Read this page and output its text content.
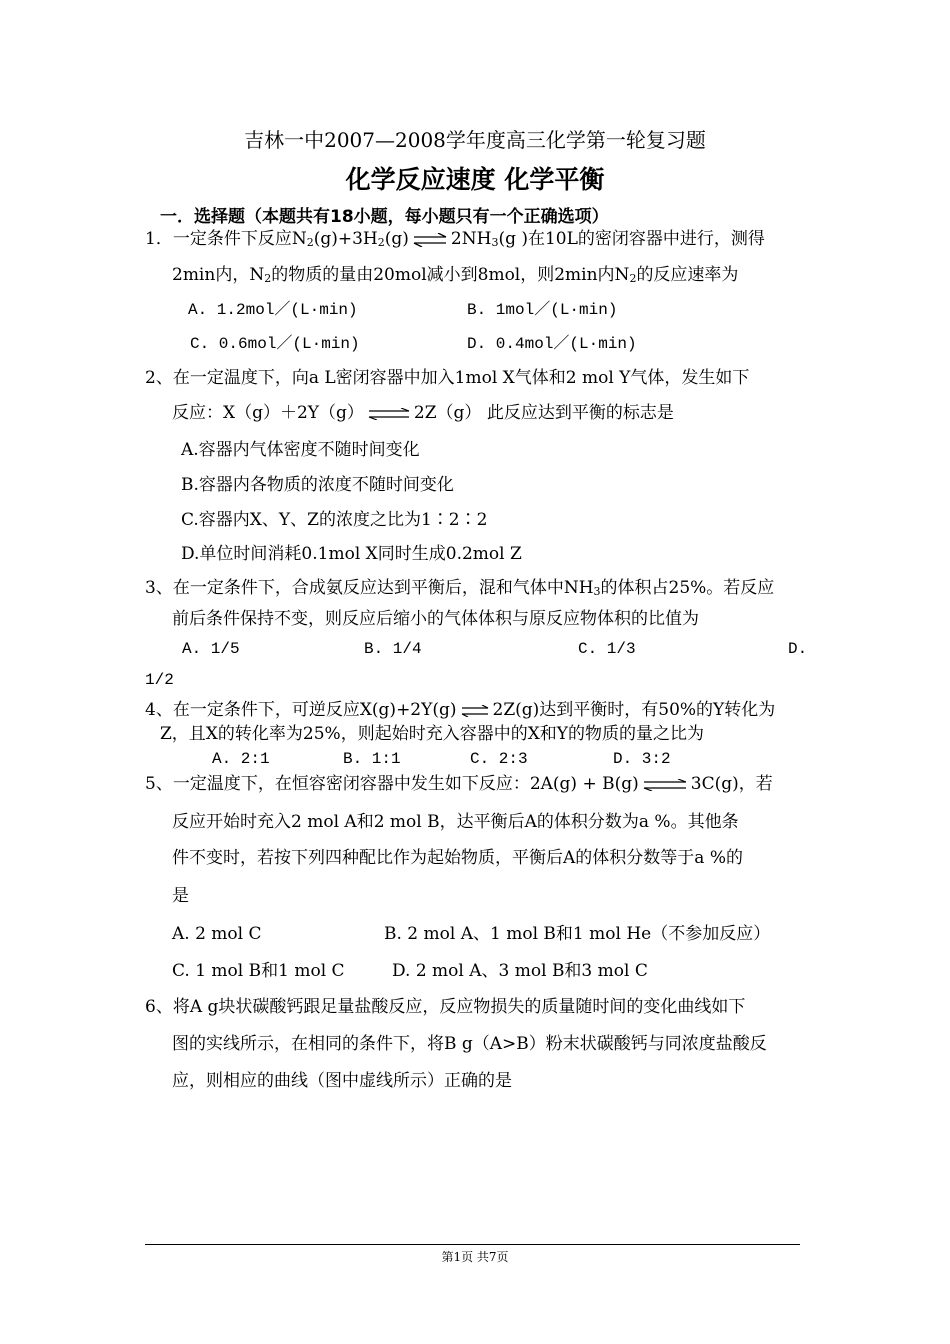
吉林一中2007—2008学年度高三化学第一轮复习题
化学反应速度 化学平衡
一．选择题（本题共有18小题，每小题只有一个正确选项）
1．一定条件下反应$N_2(g)+3H_2(g)$ ⇌ $2NH_3(g$ )在10L的密闭容器中进行，测得
2min内，$N_2$的物质的量由20mol减小到8mol，则2min内$N_2$的反应速率为
A. 1.2mol／(L·min)	B. 1mol／(L·min)
C. 0.6mol／(L·min)	D. 0.4mol／(L·min)
2、在一定温度下，向a L密闭容器中加入1mol X气体和2 mol Y气体，发生如下
反应：X（g）＋2Y（g） ⇌ 2Z（g） 此反应达到平衡的标志是
A.容器内气体密度不随时间变化
B.容器内各物质的浓度不随时间变化
C.容器内X、Y、Z的浓度之比为1∶2∶2
D.单位时间消耗0.1mol X同时生成0.2mol Z
3、在一定条件下，合成氨反应达到平衡后，混和气体中$NH_3$的体积占25%。若反应
前后条件保持不变，则反应后缩小的气体体积与原反应物体积的比值为
A. 1/5	B. 1/4	C. 1/3	D.
1/2
4、在一定条件下，可逆反应X(g)+2Y(g) ⇌ 2Z(g)达到平衡时，有50%的Y转化为
Z，且X的转化率为25%，则起始时充入容器中的X和Y的物质的量之比为
A. 2:1	B. 1:1	C. 2:3	D. 3:2
5、一定温度下，在恒容密闭容器中发生如下反应：2A(g) + B(g) ⇌ 3C(g)，若
反应开始时充入2 mol A和2 mol B，达平衡后A的体积分数为a %。其他条
件不变时，若按下列四种配比作为起始物质，平衡后A的体积分数等于a %的
是
A. 2 mol C	B. 2 mol A、1 mol B和1 mol He（不参加反应）
C. 1 mol B和1 mol C	D. 2 mol A、3 mol B和3 mol C
6、将A g块状碳酸钙跟足量盐酸反应，反应物损失的质量随时间的变化曲线如下
图的实线所示，在相同的条件下，将B g（A>B）粉末状碳酸钙与同浓度盐酸反
应，则相应的曲线（图中虚线所示）正确的是
第1页 共7页
